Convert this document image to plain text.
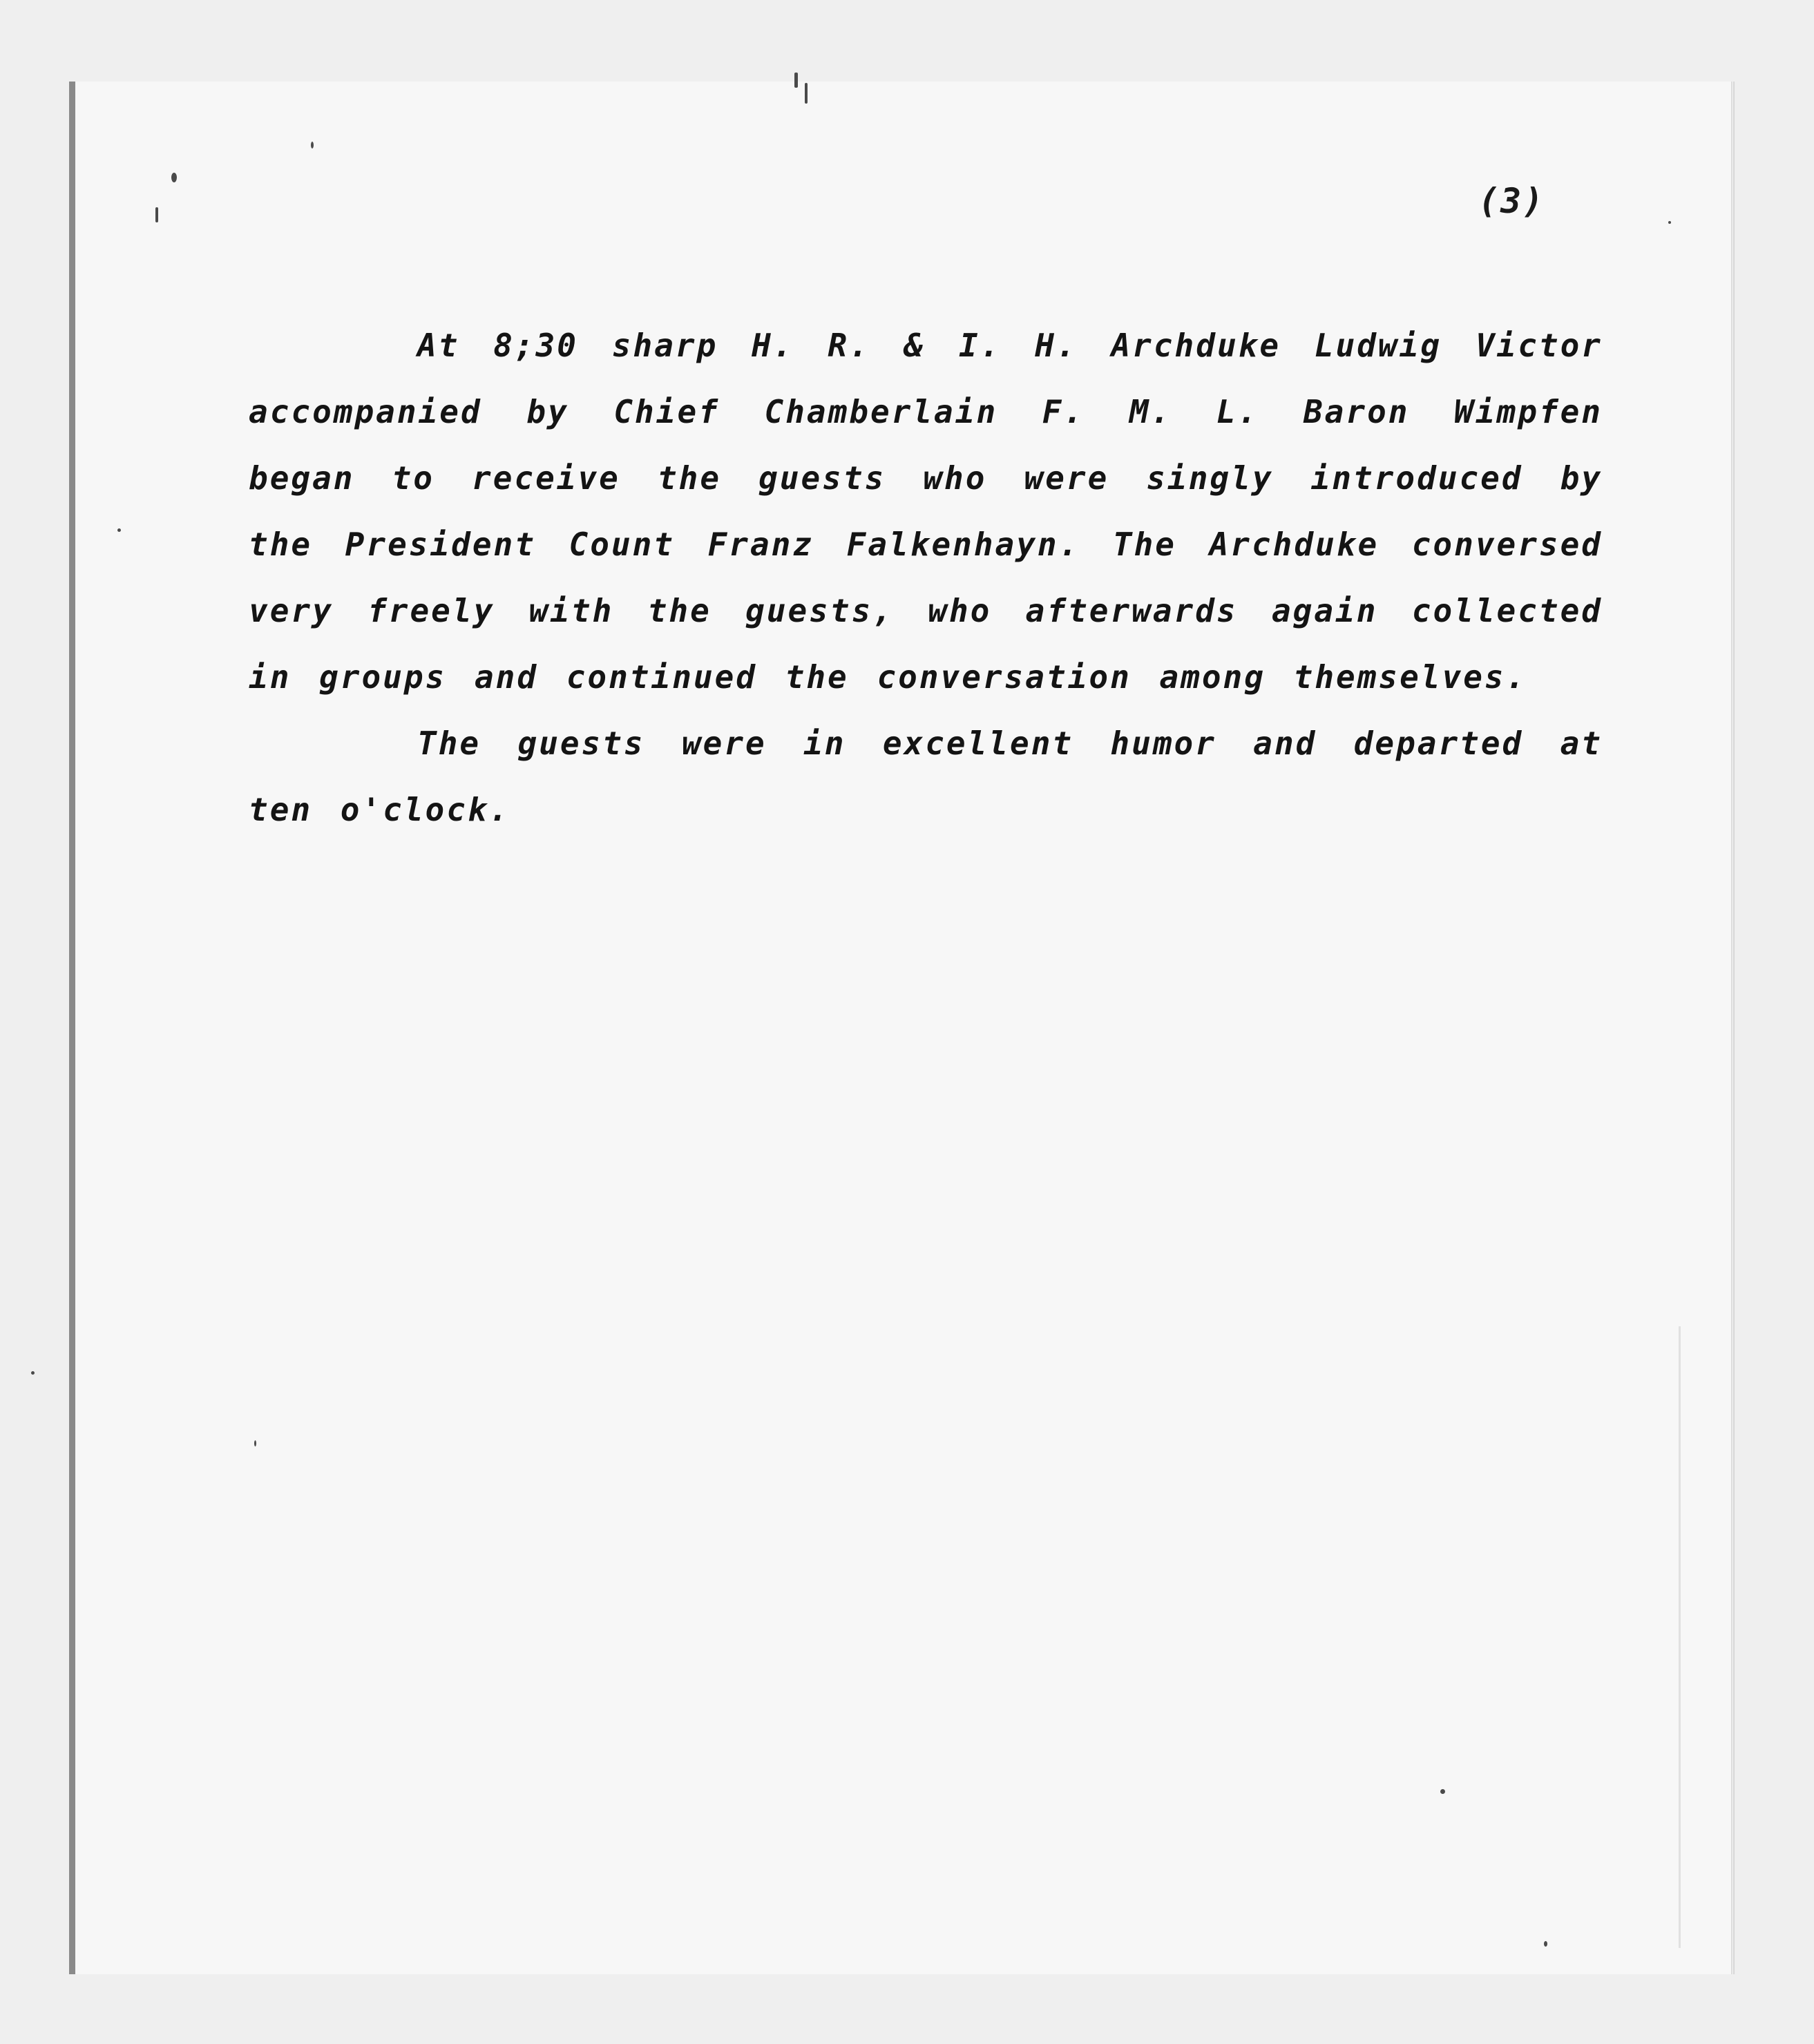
(3)

At 8;30 sharp H. R. & I. H. Archduke Ludwig Victor accompanied by Chief Chamberlain F. M. L. Baron Wimpfen began to receive the guests who were singly introduced by the President Count Franz Falkenhayn. The Archduke conversed very freely with the guests, who afterwards again collected in groups and continued the conversation among themselves.

The guests were in excellent humor and departed at ten o'clock.
